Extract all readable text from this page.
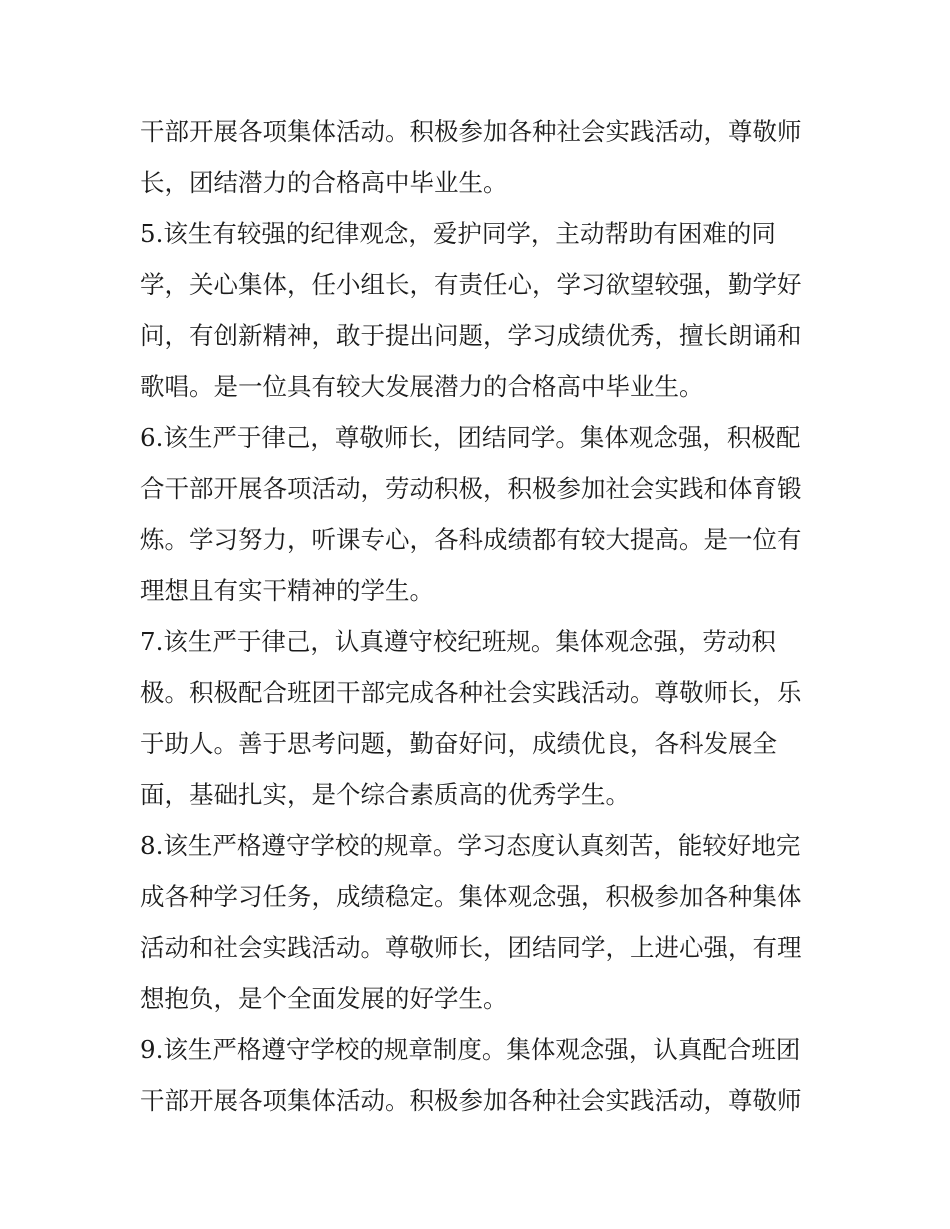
干部开展各项集体活动。积极参加各种社会实践活动，尊敬师
长，团结潜力的合格高中毕业生。
5.该生有较强的纪律观念，爱护同学，主动帮助有困难的同
学，关心集体，任小组长，有责任心，学习欲望较强，勤学好
问，有创新精神，敢于提出问题，学习成绩优秀，擅长朗诵和
歌唱。是一位具有较大发展潜力的合格高中毕业生。
6.该生严于律己，尊敬师长，团结同学。集体观念强，积极配
合干部开展各项活动，劳动积极，积极参加社会实践和体育锻
炼。学习努力，听课专心，各科成绩都有较大提高。是一位有
理想且有实干精神的学生。
7.该生严于律己，认真遵守校纪班规。集体观念强，劳动积
极。积极配合班团干部完成各种社会实践活动。尊敬师长，乐
于助人。善于思考问题，勤奋好问，成绩优良，各科发展全
面，基础扎实，是个综合素质高的优秀学生。
8.该生严格遵守学校的规章。学习态度认真刻苦，能较好地完
成各种学习任务，成绩稳定。集体观念强，积极参加各种集体
活动和社会实践活动。尊敬师长，团结同学，上进心强，有理
想抱负，是个全面发展的好学生。
9.该生严格遵守学校的规章制度。集体观念强，认真配合班团
干部开展各项集体活动。积极参加各种社会实践活动，尊敬师
